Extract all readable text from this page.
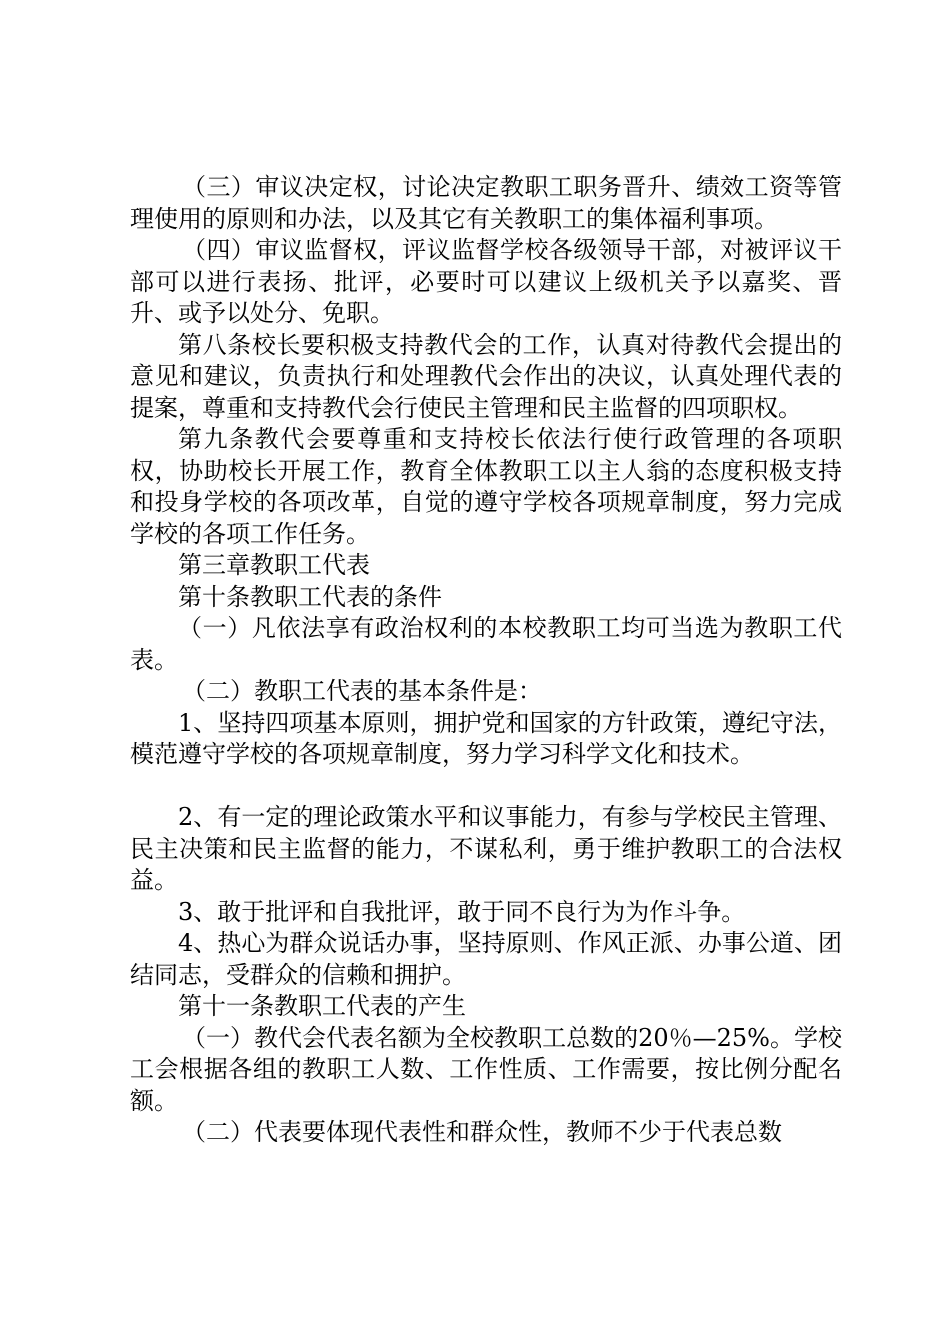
（三）审议决定权，讨论决定教职工职务晋升、绩效工资等管理使用的原则和办法，以及其它有关教职工的集体福利事项。

（四）审议监督权，评议监督学校各级领导干部，对被评议干部可以进行表扬、批评，必要时可以建议上级机关予以嘉奖、晋升、或予以处分、免职。

第八条校长要积极支持教代会的工作，认真对待教代会提出的意见和建议，负责执行和处理教代会作出的决议，认真处理代表的提案，尊重和支持教代会行使民主管理和民主监督的四项职权。

第九条教代会要尊重和支持校长依法行使行政管理的各项职权，协助校长开展工作，教育全体教职工以主人翁的态度积极支持和投身学校的各项改革，自觉的遵守学校各项规章制度，努力完成学校的各项工作任务。

第三章教职工代表

第十条教职工代表的条件

（一）凡依法享有政治权利的本校教职工均可当选为教职工代表。

（二）教职工代表的基本条件是：

1、坚持四项基本原则，拥护党和国家的方针政策，遵纪守法，模范遵守学校的各项规章制度，努力学习科学文化和技术。

2、有一定的理论政策水平和议事能力，有参与学校民主管理、民主决策和民主监督的能力，不谋私利，勇于维护教职工的合法权益。

3、敢于批评和自我批评，敢于同不良行为为作斗争。

4、热心为群众说话办事，坚持原则、作风正派、办事公道、团结同志，受群众的信赖和拥护。

第十一条教职工代表的产生

（一）教代会代表名额为全校教职工总数的20％—25%。学校工会根据各组的教职工人数、工作性质、工作需要，按比例分配名额。

（二）代表要体现代表性和群众性，教师不少于代表总数
